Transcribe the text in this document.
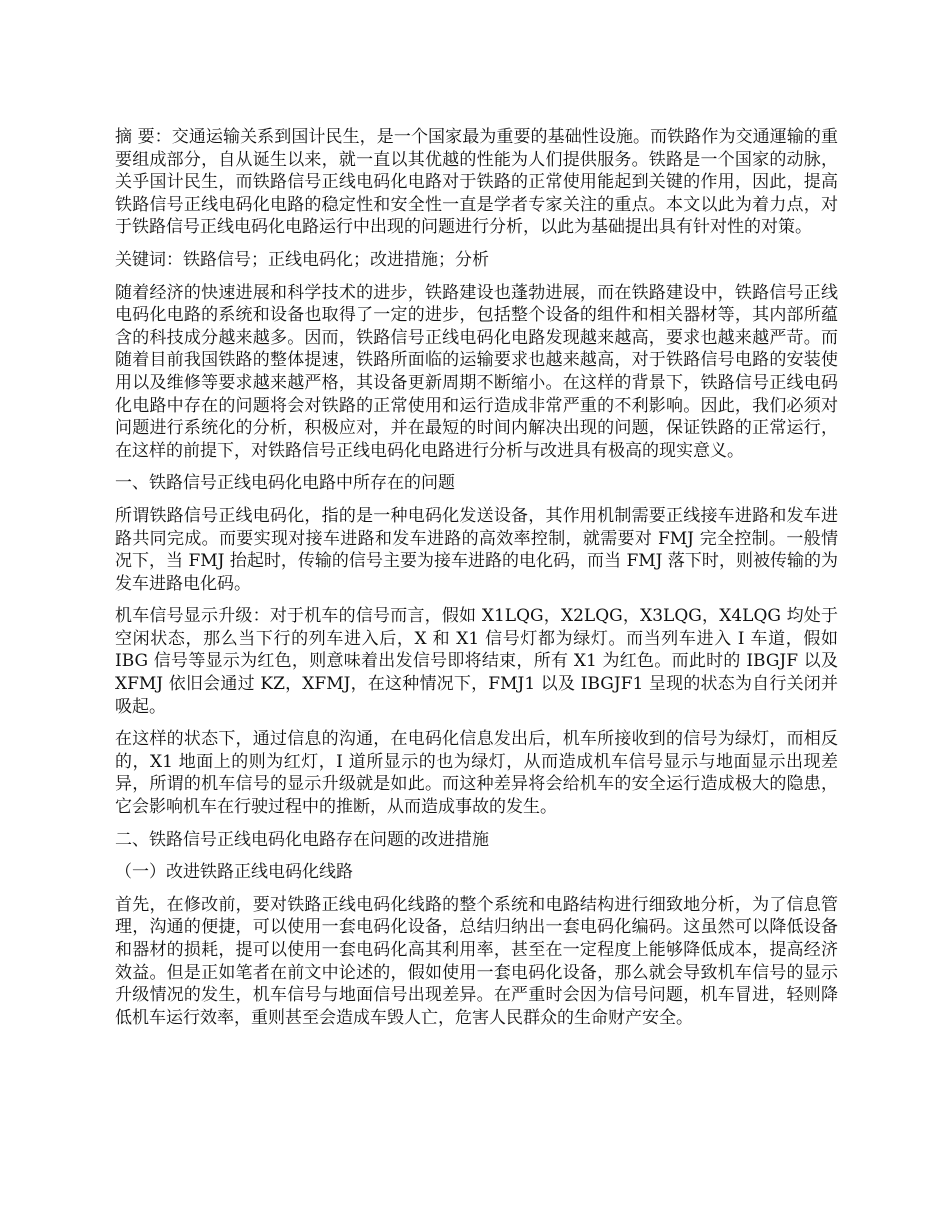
摘 要：交通运输关系到国计民生，是一个国家最为重要的基础性设施。而铁路作为交通運输的重要组成部分，自从诞生以来，就一直以其优越的性能为人们提供服务。铁路是一个国家的动脉，关乎国计民生，而铁路信号正线电码化电路对于铁路的正常使用能起到关键的作用，因此，提高铁路信号正线电码化电路的稳定性和安全性一直是学者专家关注的重点。本文以此为着力点，对于铁路信号正线电码化电路运行中出现的问题进行分析，以此为基础提出具有针对性的对策。

关键词：铁路信号；正线电码化；改进措施；分析

随着经济的快速进展和科学技术的进步，铁路建设也蓬勃进展，而在铁路建设中，铁路信号正线电码化电路的系统和设备也取得了一定的进步，包括整个设备的组件和相关器材等，其内部所蕴含的科技成分越来越多。因而，铁路信号正线电码化电路发现越来越高，要求也越来越严苛。而随着目前我国铁路的整体提速，铁路所面临的运输要求也越来越高，对于铁路信号电路的安装使用以及维修等要求越来越严格，其设备更新周期不断缩小。在这样的背景下，铁路信号正线电码化电路中存在的问题将会对铁路的正常使用和运行造成非常严重的不利影响。因此，我们必须对问题进行系统化的分析，积极应对，并在最短的时间内解决出现的问题，保证铁路的正常运行，在这样的前提下，对铁路信号正线电码化电路进行分析与改进具有极高的现实意义。

一、铁路信号正线电码化电路中所存在的问题

所谓铁路信号正线电码化，指的是一种电码化发送设备，其作用机制需要正线接车进路和发车进路共同完成。而要实现对接车进路和发车进路的高效率控制，就需要对 FMJ 完全控制。一般情况下，当 FMJ 抬起时，传输的信号主要为接车进路的电化码，而当 FMJ 落下时，则被传输的为发车进路电化码。

机车信号显示升级：对于机车的信号而言，假如 X1LQG，X2LQG，X3LQG，X4LQG 均处于空闲状态，那么当下行的列车进入后，X 和 X1 信号灯都为绿灯。而当列车进入 I 车道，假如 IBG 信号等显示为红色，则意味着出发信号即将结束，所有 X1 为红色。而此时的 IBGJF 以及 XFMJ 依旧会通过 KZ，XFMJ，在这种情况下，FMJ1 以及 IBGJF1 呈现的状态为自行关闭并吸起。

在这样的状态下，通过信息的沟通，在电码化信息发出后，机车所接收到的信号为绿灯，而相反的，X1 地面上的则为红灯，I 道所显示的也为绿灯，从而造成机车信号显示与地面显示出现差异，所谓的机车信号的显示升级就是如此。而这种差异将会给机车的安全运行造成极大的隐患，它会影响机车在行驶过程中的推断，从而造成事故的发生。

二、铁路信号正线电码化电路存在问题的改进措施

（一）改进铁路正线电码化线路

首先，在修改前，要对铁路正线电码化线路的整个系统和电路结构进行细致地分析，为了信息管理，沟通的便捷，可以使用一套电码化设备，总结归纳出一套电码化编码。这虽然可以降低设备和器材的损耗，提可以使用一套电码化高其利用率，甚至在一定程度上能够降低成本，提高经济效益。但是正如笔者在前文中论述的，假如使用一套电码化设备，那么就会导致机车信号的显示升级情况的发生，机车信号与地面信号出现差异。在严重时会因为信号问题，机车冒进，轻则降低机车运行效率，重则甚至会造成车毁人亡，危害人民群众的生命财产安全。
